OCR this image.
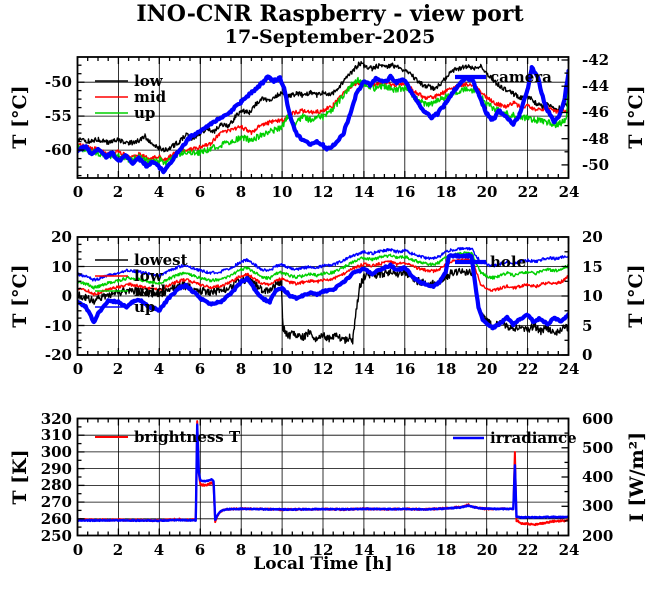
INO-CNR Raspberry - view port
17-September-2025
T [°C]	T [°C]
T [°C]	T [°C]
T [K]	I [W/m²]
Local Time [h]
low
mid
up
camera
0	2	4	6	8	10	12	14	16	18	20	22	24
-50
-55
-60
-42
-44
-46
-48
-50
lowest
low
mid
up
hole
0	2	4	6	8	10	12	14	16	18	20	22	24
20
10
0
-10
-20
20
15
10
5
0
brightness T	irradiance
0	2	4	6	8	10	12	14	16	18	20	22	24
320
310
300
290
280
270
260
250
600
500
400
300
200
